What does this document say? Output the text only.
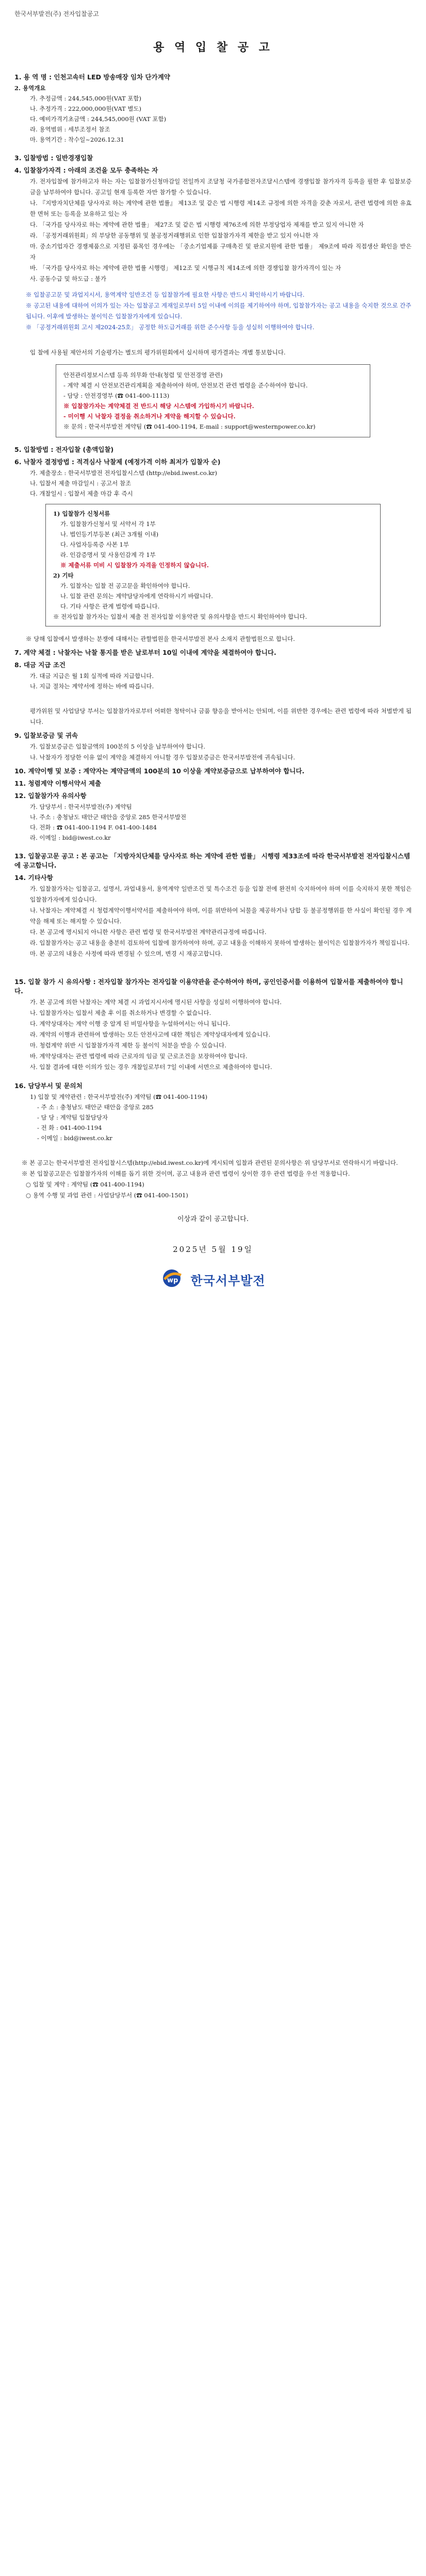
한국서부발전(주) 전자입찰공고
용 역 입 찰 공 고
1. 용 역 명 : 인천고속터 LED 방송매장 임차 단가계약
2. 용역개요
가. 추정금액 : 244,545,000원(VAT 포함)
나. 추정가격 : 222,000,000원(VAT 별도)
다. 예비가격기초금액 : 244,545,000원 (VAT 포함)
라. 용역범위 : 세부조정서 참조
마. 용역기간 : 착수일~2026.12.31
3. 입찰방법 : 일반경쟁입찰
4. 입찰참가자격 : 아래의 조건을 모두 충족하는 자
가. 전자입찰에 참가하고자 하는 자는 입찰참가신청마감일 전일까지 조달청 국가종합전자조달시스템에 경쟁입찰 참가자격 등록을 필한 후 입찰보증금을 납부하여야 합니다. 공고일 현재 등록한 자만 참가할 수 있습니다.
나. 『지방자치단체를 당사자로 하는 계약에 관한 법률』 제13조 및 같은 법 시행령 제14조 규정에 의한 자격을 갖춘 자로서, 관련 법령에 의한 유효한 면허 또는 등록을 보유하고 있는 자
다. 「국가를 당사자로 하는 계약에 관한 법률」 제27조 및 같은 법 시행령 제76조에 의한 부정당업자 제재를 받고 있지 아니한 자
라. 「공정거래위원회」의 부당한 공동행위 및 불공정거래행위로 인한 입찰참가자격 제한을 받고 있지 아니한 자
마. 중소기업자간 경쟁제품으로 지정된 품목인 경우에는 「중소기업제품 구매촉진 및 판로지원에 관한 법률」 제9조에 따라 직접생산 확인을 받은 자
바. 「국가를 당사자로 하는 계약에 관한 법률 시행령」 제12조 및 시행규칙 제14조에 의한 경쟁입찰 참가자격이 있는 자
사. 공동수급 및 하도급 : 불가
※ 입찰공고문 및 과업지시서, 용역계약 일반조건 등 입찰참가에 필요한 사항은 반드시 확인하시기 바랍니다.
※ 공고된 내용에 대하여 이의가 있는 자는 입찰공고 게재일로부터 5일 이내에 이의를 제기하여야 하며, 입찰참가자는 공고 내용을 숙지한 것으로 간주됩니다. 이후에 발생하는 불이익은 입찰참가자에게 있습니다.
※ 「공정거래위원회 고시 제2024-25호」 공정한 하도급거래를 위한 준수사항 등을 성실히 이행하여야 합니다.
입 찰에 사용될 제안서의 기술평가는 별도의 평가위원회에서 실시하며 평가결과는 개별 통보합니다.
안전관리정보시스템 등록 의무화 안내(청렴 및 안전경영 관련)
- 계약 체결 시 안전보건관리계획을 제출하여야 하며, 안전보건 관련 법령을 준수하여야 합니다.
- 담당 : 안전경영부 (☎ 041-400-1113)
※ 입찰참가자는 계약체결 전 반드시 해당 시스템에 가입하시기 바랍니다.
- 미이행 시 낙찰자 결정을 취소하거나 계약을 해지할 수 있습니다.
※ 문의 : 한국서부발전 계약팀 (☎ 041-400-1194, E-mail : support@westernpower.co.kr)
5. 입찰방법 : 전자입찰 (총액입찰)
6. 낙찰자 결정방법 : 적격심사 낙찰제 (예정가격 이하 최저가 입찰자 순)
가. 제출장소 : 한국서부발전 전자입찰시스템 (http://ebid.iwest.co.kr)
나. 입찰서 제출 마감일시 : 공고서 참조
다. 개찰일시 : 입찰서 제출 마감 후 즉시
1) 입찰참가 신청서류
가. 입찰참가신청서 및 서약서 각 1부
나. 법인등기부등본 (최근 3개월 이내)
다. 사업자등록증 사본 1부
라. 인감증명서 및 사용인감계 각 1부
※ 제출서류 미비 시 입찰참가 자격을 인정하지 않습니다.
2) 기타
가. 입찰자는 입찰 전 공고문을 확인하여야 합니다.
나. 입찰 관련 문의는 계약담당자에게 연락하시기 바랍니다.
다. 기타 사항은 관계 법령에 따릅니다.
※ 전자입찰 참가자는 입찰서 제출 전 전자입찰 이용약관 및 유의사항을 반드시 확인하여야 합니다.
※ 당해 입찰에서 발생하는 분쟁에 대해서는 관할법원을 한국서부발전 본사 소재지 관할법원으로 합니다.
7. 계약 체결 : 낙찰자는 낙찰 통지를 받은 날로부터 10일 이내에 계약을 체결하여야 합니다.
8. 대금 지급 조건
가. 대금 지급은 월 1회 실적에 따라 지급합니다.
나. 지급 절차는 계약서에 정하는 바에 따릅니다.
평가위원 및 사업담당 부서는 입찰참가자로부터 어떠한 청탁이나 금품 향응을 받아서는 안되며, 이를 위반한 경우에는 관련 법령에 따라 처벌받게 됩니다.
9. 입찰보증금 및 귀속
가. 입찰보증금은 입찰금액의 100분의 5 이상을 납부하여야 합니다.
나. 낙찰자가 정당한 이유 없이 계약을 체결하지 아니할 경우 입찰보증금은 한국서부발전에 귀속됩니다.
10. 계약이행 및 보증 : 계약자는 계약금액의 100분의 10 이상을 계약보증금으로 납부하여야 합니다.
11. 청렴계약 이행서약서 제출
12. 입찰참가자 유의사항
가. 담당부서 : 한국서부발전(주) 계약팀
나. 주소 : 충청남도 태안군 태안읍 중앙로 285 한국서부발전
다. 전화 : ☎ 041-400-1194 F. 041-400-1484
라. 이메일 : bid@iwest.co.kr
13. 입찰공고문 공고 : 본 공고는 「지방자치단체를 당사자로 하는 계약에 관한 법률」 시행령 제33조에 따라 한국서부발전 전자입찰시스템에 공고합니다.
14. 기타사항
가. 입찰참가자는 입찰공고, 설명서, 과업내용서, 용역계약 일반조건 및 특수조건 등을 입찰 전에 완전히 숙지하여야 하며 이를 숙지하지 못한 책임은 입찰참가자에게 있습니다.
나. 낙찰자는 계약체결 시 청렴계약이행서약서를 제출하여야 하며, 이를 위반하여 뇌물을 제공하거나 담합 등 불공정행위를 한 사실이 확인될 경우 계약을 해제 또는 해지할 수 있습니다.
다. 본 공고에 명시되지 아니한 사항은 관련 법령 및 한국서부발전 계약관리규정에 따릅니다.
라. 입찰참가자는 공고 내용을 충분히 검토하여 입찰에 참가하여야 하며, 공고 내용을 이해하지 못하여 발생하는 불이익은 입찰참가자가 책임집니다.
마. 본 공고의 내용은 사정에 따라 변경될 수 있으며, 변경 시 재공고합니다.
15. 입찰 참가 시 유의사항 : 전자입찰 참가자는 전자입찰 이용약관을 준수하여야 하며, 공인인증서를 이용하여 입찰서를 제출하여야 합니다.
가. 본 공고에 의한 낙찰자는 계약 체결 시 과업지시서에 명시된 사항을 성실히 이행하여야 합니다.
나. 입찰참가자는 입찰서 제출 후 이를 취소하거나 변경할 수 없습니다.
다. 계약상대자는 계약 이행 중 알게 된 비밀사항을 누설하여서는 아니 됩니다.
라. 계약의 이행과 관련하여 발생하는 모든 안전사고에 대한 책임은 계약상대자에게 있습니다.
마. 청렴계약 위반 시 입찰참가자격 제한 등 불이익 처분을 받을 수 있습니다.
바. 계약상대자는 관련 법령에 따라 근로자의 임금 및 근로조건을 보장하여야 합니다.
사. 입찰 결과에 대한 이의가 있는 경우 개찰일로부터 7일 이내에 서면으로 제출하여야 합니다.
16. 담당부서 및 문의처
1) 입찰 및 계약관련 : 한국서부발전(주) 계약팀 (☎ 041-400-1194)
- 주 소 : 충청남도 태안군 태안읍 중앙로 285
- 담 당 : 계약팀 입찰담당자
- 전 화 : 041-400-1194
- 이메일 : bid@iwest.co.kr
※ 본 공고는 한국서부발전 전자입찰시스템(http://ebid.iwest.co.kr)에 게시되며 입찰과 관련된 문의사항은 위 담당부서로 연락하시기 바랍니다.
※ 본 입찰공고문은 입찰참가자의 이해를 돕기 위한 것이며, 공고 내용과 관련 법령이 상이한 경우 관련 법령을 우선 적용합니다.
○ 입찰 및 계약 : 계약팀 (☎ 041-400-1194)
○ 용역 수행 및 과업 관련 : 사업담당부서 (☎ 041-400-1501)
이상과 같이 공고합니다.
2025년 5월 19일
wp 한국서부발전
